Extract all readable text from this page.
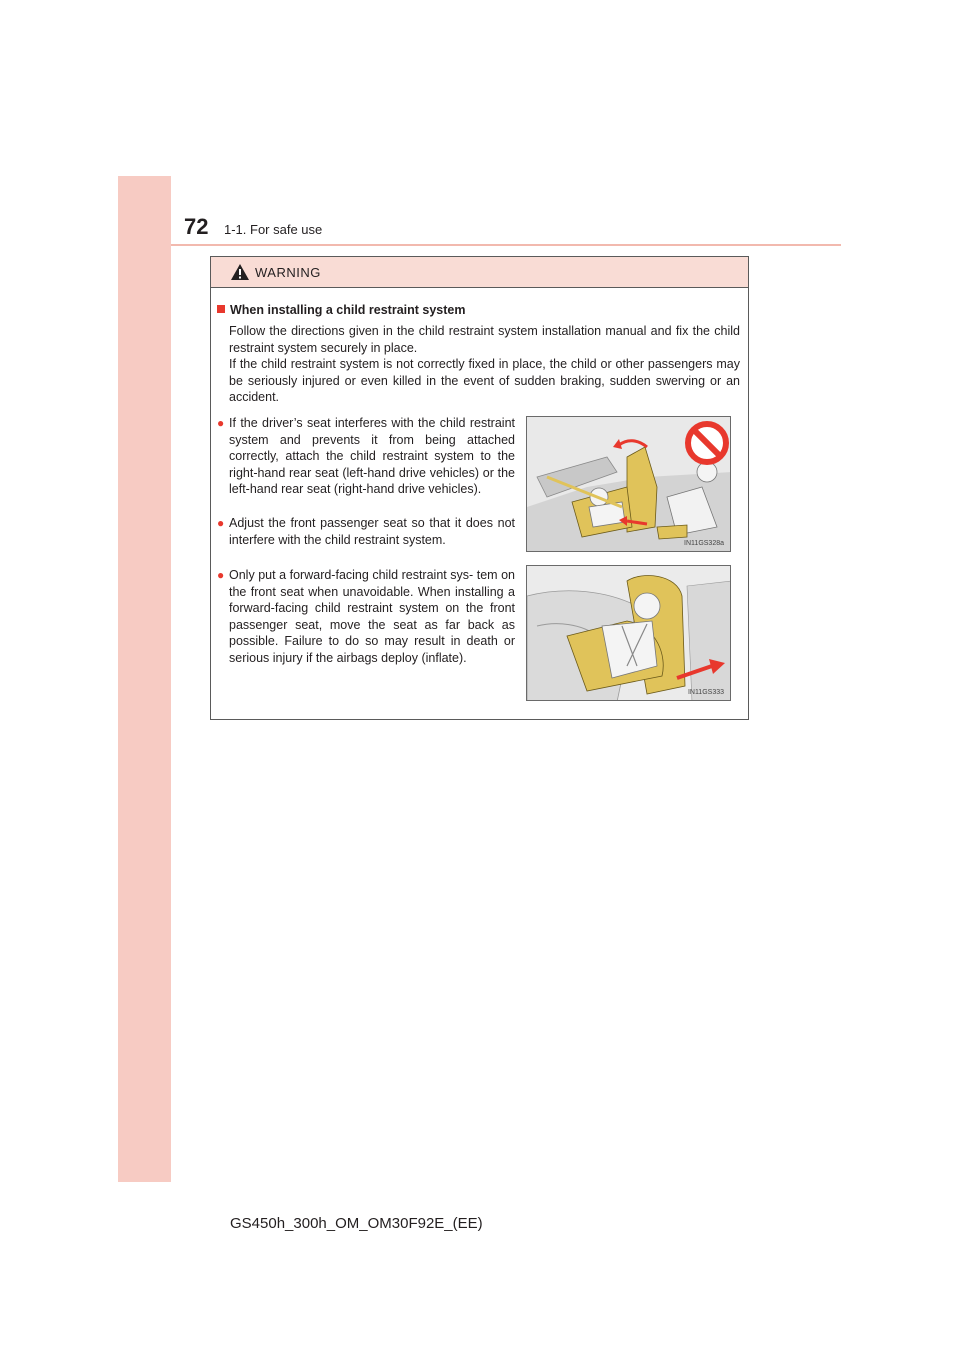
72 1-1. For safe use
WARNING
When installing a child restraint system
Follow the directions given in the child restraint system installation manual and fix the child restraint system securely in place.
If the child restraint system is not correctly fixed in place, the child or other passengers may be seriously injured or even killed in the event of sudden braking, sudden swerving or an accident.
● If the driver’s seat interferes with the child restraint system and prevents it from being attached correctly, attach the child restraint system to the right-hand rear seat (left-hand drive vehicles) or the left-hand rear seat (right-hand drive vehicles).
● Adjust the front passenger seat so that it does not interfere with the child restraint system.
● Only put a forward-facing child restraint sys- tem on the front seat when unavoidable. When installing a forward-facing child restraint system on the front passenger seat, move the seat as far back as possible. Failure to do so may result in death or serious injury if the airbags deploy (inflate).
IN11GS328a
IN11GS333
GS450h_300h_OM_OM30F92E_(EE)
